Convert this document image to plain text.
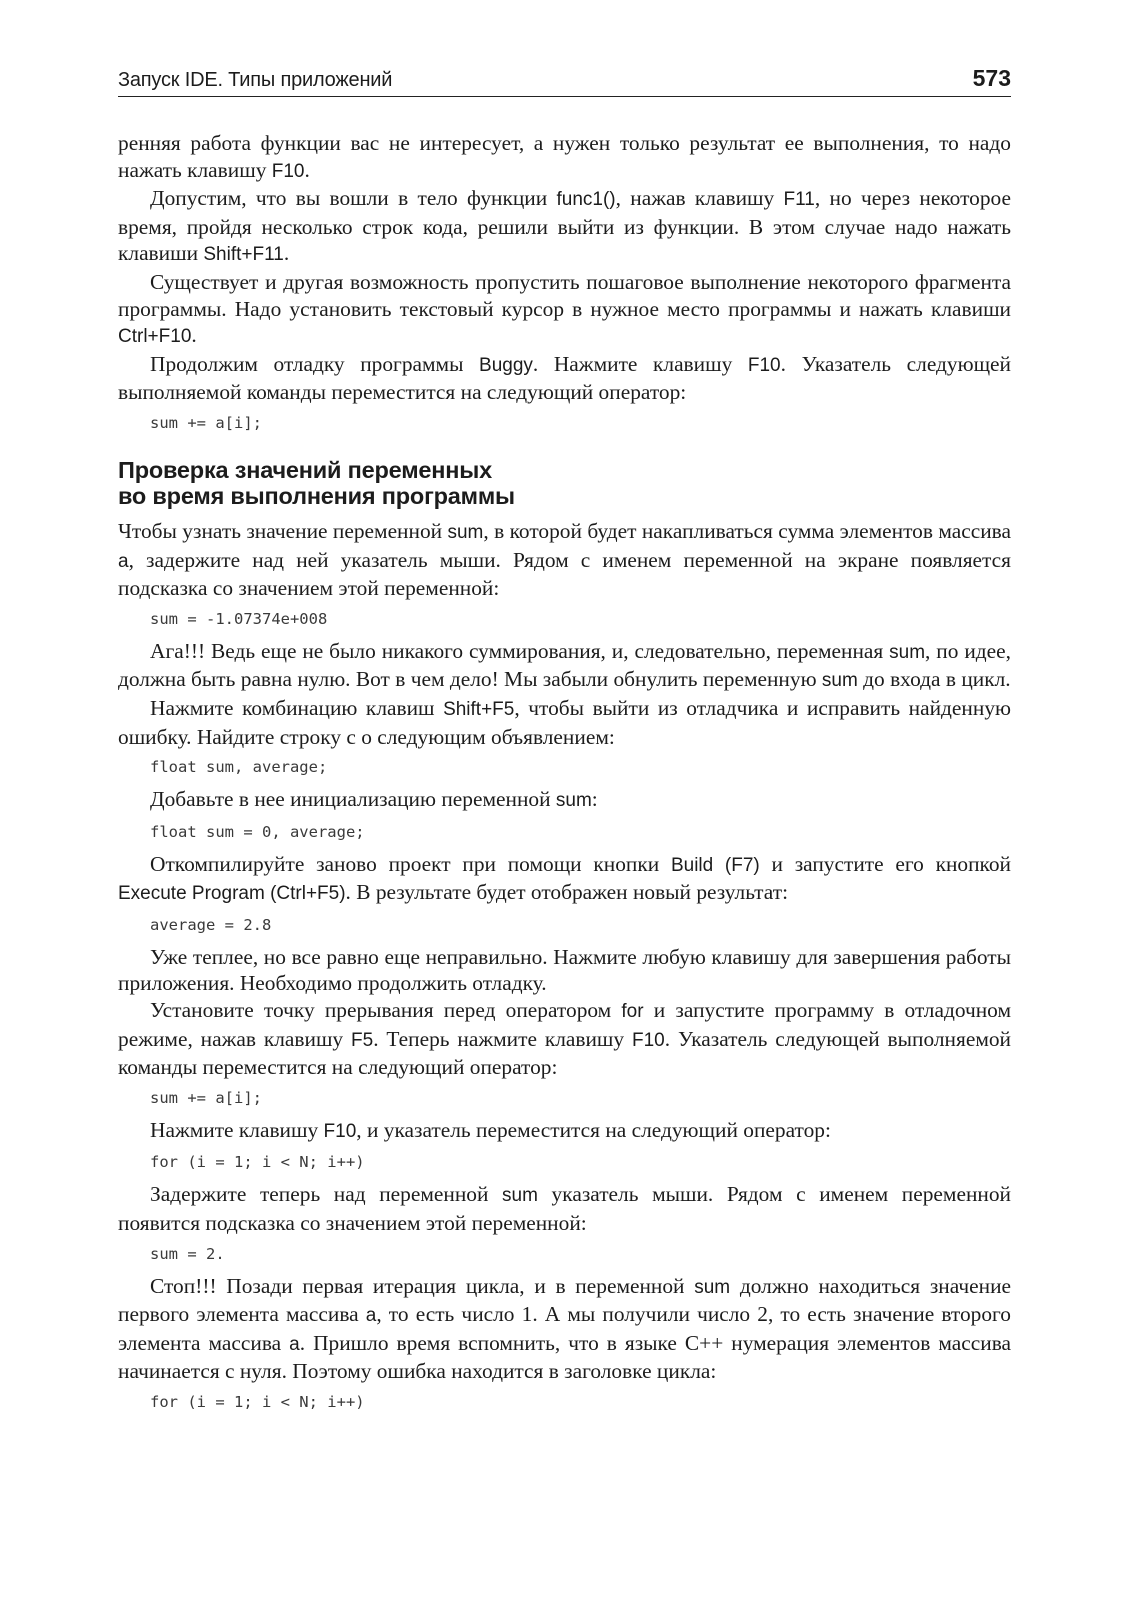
Запуск IDE. Типы приложений	573

ренняя работа функции вас не интересует, а нужен только результат ее выполнения, то надо нажать клавишу F10.

Допустим, что вы вошли в тело функции func1(), нажав клавишу F11, но через некоторое время, пройдя несколько строк кода, решили выйти из функции. В этом случае надо нажать клавиши Shift+F11.

Существует и другая возможность пропустить пошаговое выполнение некоторого фрагмента программы. Надо установить текстовый курсор в нужное место программы и нажать клавиши Ctrl+F10.

Продолжим отладку программы Buggy. Нажмите клавишу F10. Указатель следующей выполняемой команды переместится на следующий оператор:

sum += a[i];
Проверка значений переменных
во время выполнения программы

Чтобы узнать значение переменной sum, в которой будет накапливаться сумма элементов массива a, задержите над ней указатель мыши. Рядом с именем переменной на экране появляется подсказка со значением этой переменной:

sum = -1.07374e+008

Ага!!! Ведь еще не было никакого суммирования, и, следовательно, переменная sum, по идее, должна быть равна нулю. Вот в чем дело! Мы забыли обнулить переменную sum до входа в цикл.

Нажмите комбинацию клавиш Shift+F5, чтобы выйти из отладчика и исправить найденную ошибку. Найдите строку с о следующим объявлением:

float sum, average;

Добавьте в нее инициализацию переменной sum:

float sum = 0, average;

Откомпилируйте заново проект при помощи кнопки Build (F7) и запустите его кнопкой Execute Program (Ctrl+F5). В результате будет отображен новый результат:

average = 2.8

Уже теплее, но все равно еще неправильно. Нажмите любую клавишу для завершения работы приложения. Необходимо продолжить отладку.

Установите точку прерывания перед оператором for и запустите программу в отладочном режиме, нажав клавишу F5. Теперь нажмите клавишу F10. Указатель следующей выполняемой команды переместится на следующий оператор:

sum += a[i];

Нажмите клавишу F10, и указатель переместится на следующий оператор:

for (i = 1; i < N; i++)

Задержите теперь над переменной sum указатель мыши. Рядом с именем переменной появится подсказка со значением этой переменной:

sum = 2.

Стоп!!! Позади первая итерация цикла, и в переменной sum должно находиться значение первого элемента массива a, то есть число 1. А мы получили число 2, то есть значение второго элемента массива a. Пришло время вспомнить, что в языке C++ нумерация элементов массива начинается с нуля. Поэтому ошибка находится в заголовке цикла:

for (i = 1; i < N; i++)
